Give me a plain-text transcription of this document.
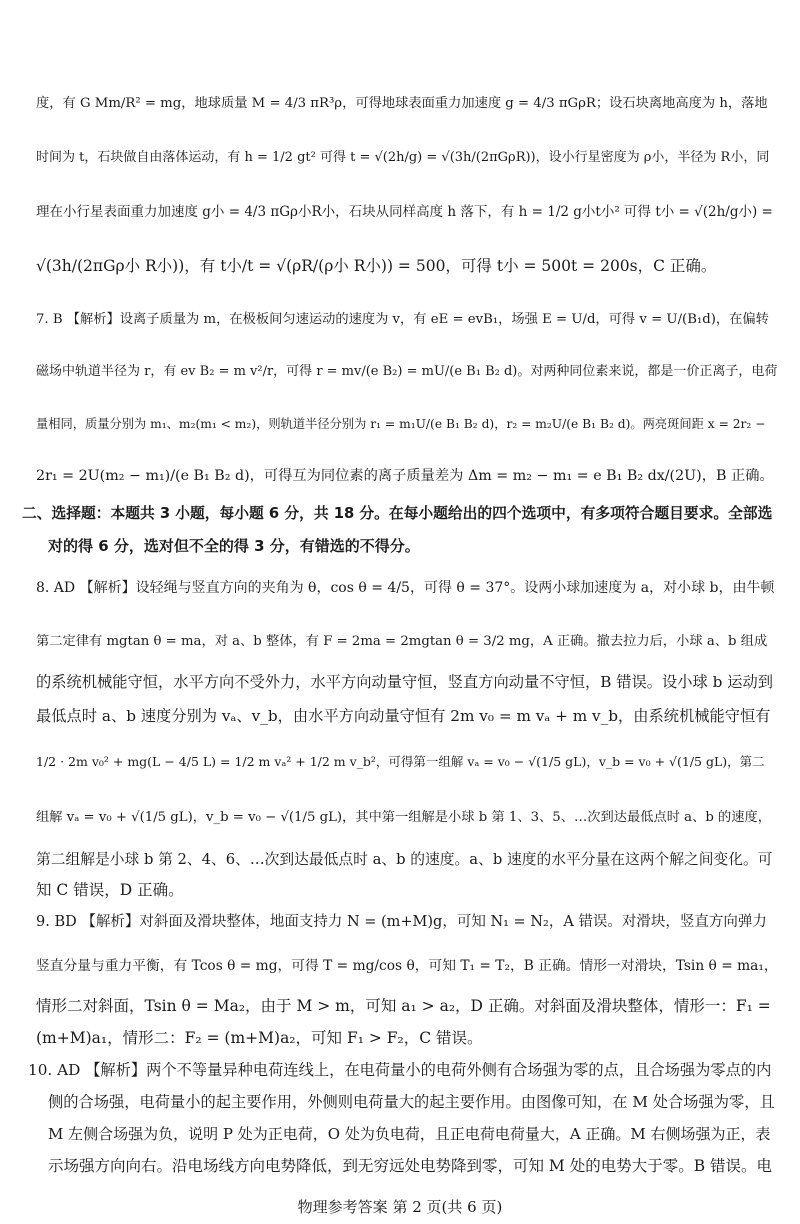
度，有 G Mm/R² = mg，地球质量 M = 4/3 πR³ρ，可得地球表面重力加速度 g = 4/3 πGρR；设石块离地高度为 h，落地
时间为 t，石块做自由落体运动，有 h = 1/2 gt² 可得 t = √(2h/g) = √(3h/(2πGρR))，设小行星密度为 ρ小，半径为 R小，同
理在小行星表面重力加速度 g小 = 4/3 πGρ小R小，石块从同样高度 h 落下，有 h = 1/2 g小t小² 可得 t小 = √(2h/g小) =
√(3h/(2πGρ小 R小))，有 t小/t = √(ρR/(ρ小 R小)) = 500，可得 t小 = 500t = 200s，C 正确。
7. B 【解析】设离子质量为 m，在极板间匀速运动的速度为 v，有 eE = evB₁，场强 E = U/d，可得 v = U/(B₁d)，在偏转
磁场中轨道半径为 r，有 ev B₂ = m v²/r，可得 r = mv/(e B₂) = mU/(e B₁ B₂ d)。对两种同位素来说，都是一价正离子，电荷
量相同，质量分别为 m₁、m₂(m₁ < m₂)，则轨道半径分别为 r₁ = m₁U/(e B₁ B₂ d)，r₂ = m₂U/(e B₁ B₂ d)。两亮斑间距 x = 2r₂ −
2r₁ = 2U(m₂ − m₁)/(e B₁ B₂ d)，可得互为同位素的离子质量差为 Δm = m₂ − m₁ = e B₁ B₂ dx/(2U)，B 正确。
二、选择题：本题共 3 小题，每小题 6 分，共 18 分。在每小题给出的四个选项中，有多项符合题目要求。全部选
对的得 6 分，选对但不全的得 3 分，有错选的不得分。
8. AD 【解析】设轻绳与竖直方向的夹角为 θ，cos θ = 4/5，可得 θ = 37°。设两小球加速度为 a，对小球 b，由牛顿
第二定律有 mgtan θ = ma，对 a、b 整体，有 F = 2ma = 2mgtan θ = 3/2 mg，A 正确。撤去拉力后，小球 a、b 组成
的系统机械能守恒，水平方向不受外力，水平方向动量守恒，竖直方向动量不守恒，B 错误。设小球 b 运动到
最低点时 a、b 速度分别为 vₐ、v_b，由水平方向动量守恒有 2m v₀ = m vₐ + m v_b，由系统机械能守恒有
1/2 · 2m v₀² + mg(L − 4/5 L) = 1/2 m vₐ² + 1/2 m v_b²，可得第一组解 vₐ = v₀ − √(1/5 gL)，v_b = v₀ + √(1/5 gL)，第二
组解 vₐ = v₀ + √(1/5 gL)，v_b = v₀ − √(1/5 gL)，其中第一组解是小球 b 第 1、3、5、…次到达最低点时 a、b 的速度，
第二组解是小球 b 第 2、4、6、…次到达最低点时 a、b 的速度。a、b 速度的水平分量在这两个解之间变化。可
知 C 错误，D 正确。
9. BD 【解析】对斜面及滑块整体，地面支持力 N = (m+M)g，可知 N₁ = N₂，A 错误。对滑块，竖直方向弹力
竖直分量与重力平衡，有 Tcos θ = mg，可得 T = mg/cos θ，可知 T₁ = T₂，B 正确。情形一对滑块，Tsin θ = ma₁，
情形二对斜面，Tsin θ = Ma₂，由于 M > m，可知 a₁ > a₂，D 正确。对斜面及滑块整体，情形一：F₁ =
(m+M)a₁，情形二：F₂ = (m+M)a₂，可知 F₁ > F₂，C 错误。
10. AD 【解析】两个不等量异种电荷连线上，在电荷量小的电荷外侧有合场强为零的点，且合场强为零点的内
侧的合场强，电荷量小的起主要作用，外侧则电荷量大的起主要作用。由图像可知，在 M 处合场强为零，且
M 左侧合场强为负，说明 P 处为正电荷，O 处为负电荷，且正电荷电荷量大，A 正确。M 右侧场强为正，表
示场强方向向右。沿电场线方向电势降低，到无穷远处电势降到零，可知 M 处的电势大于零。B 错误。电
物理参考答案 第 2 页(共 6 页)
